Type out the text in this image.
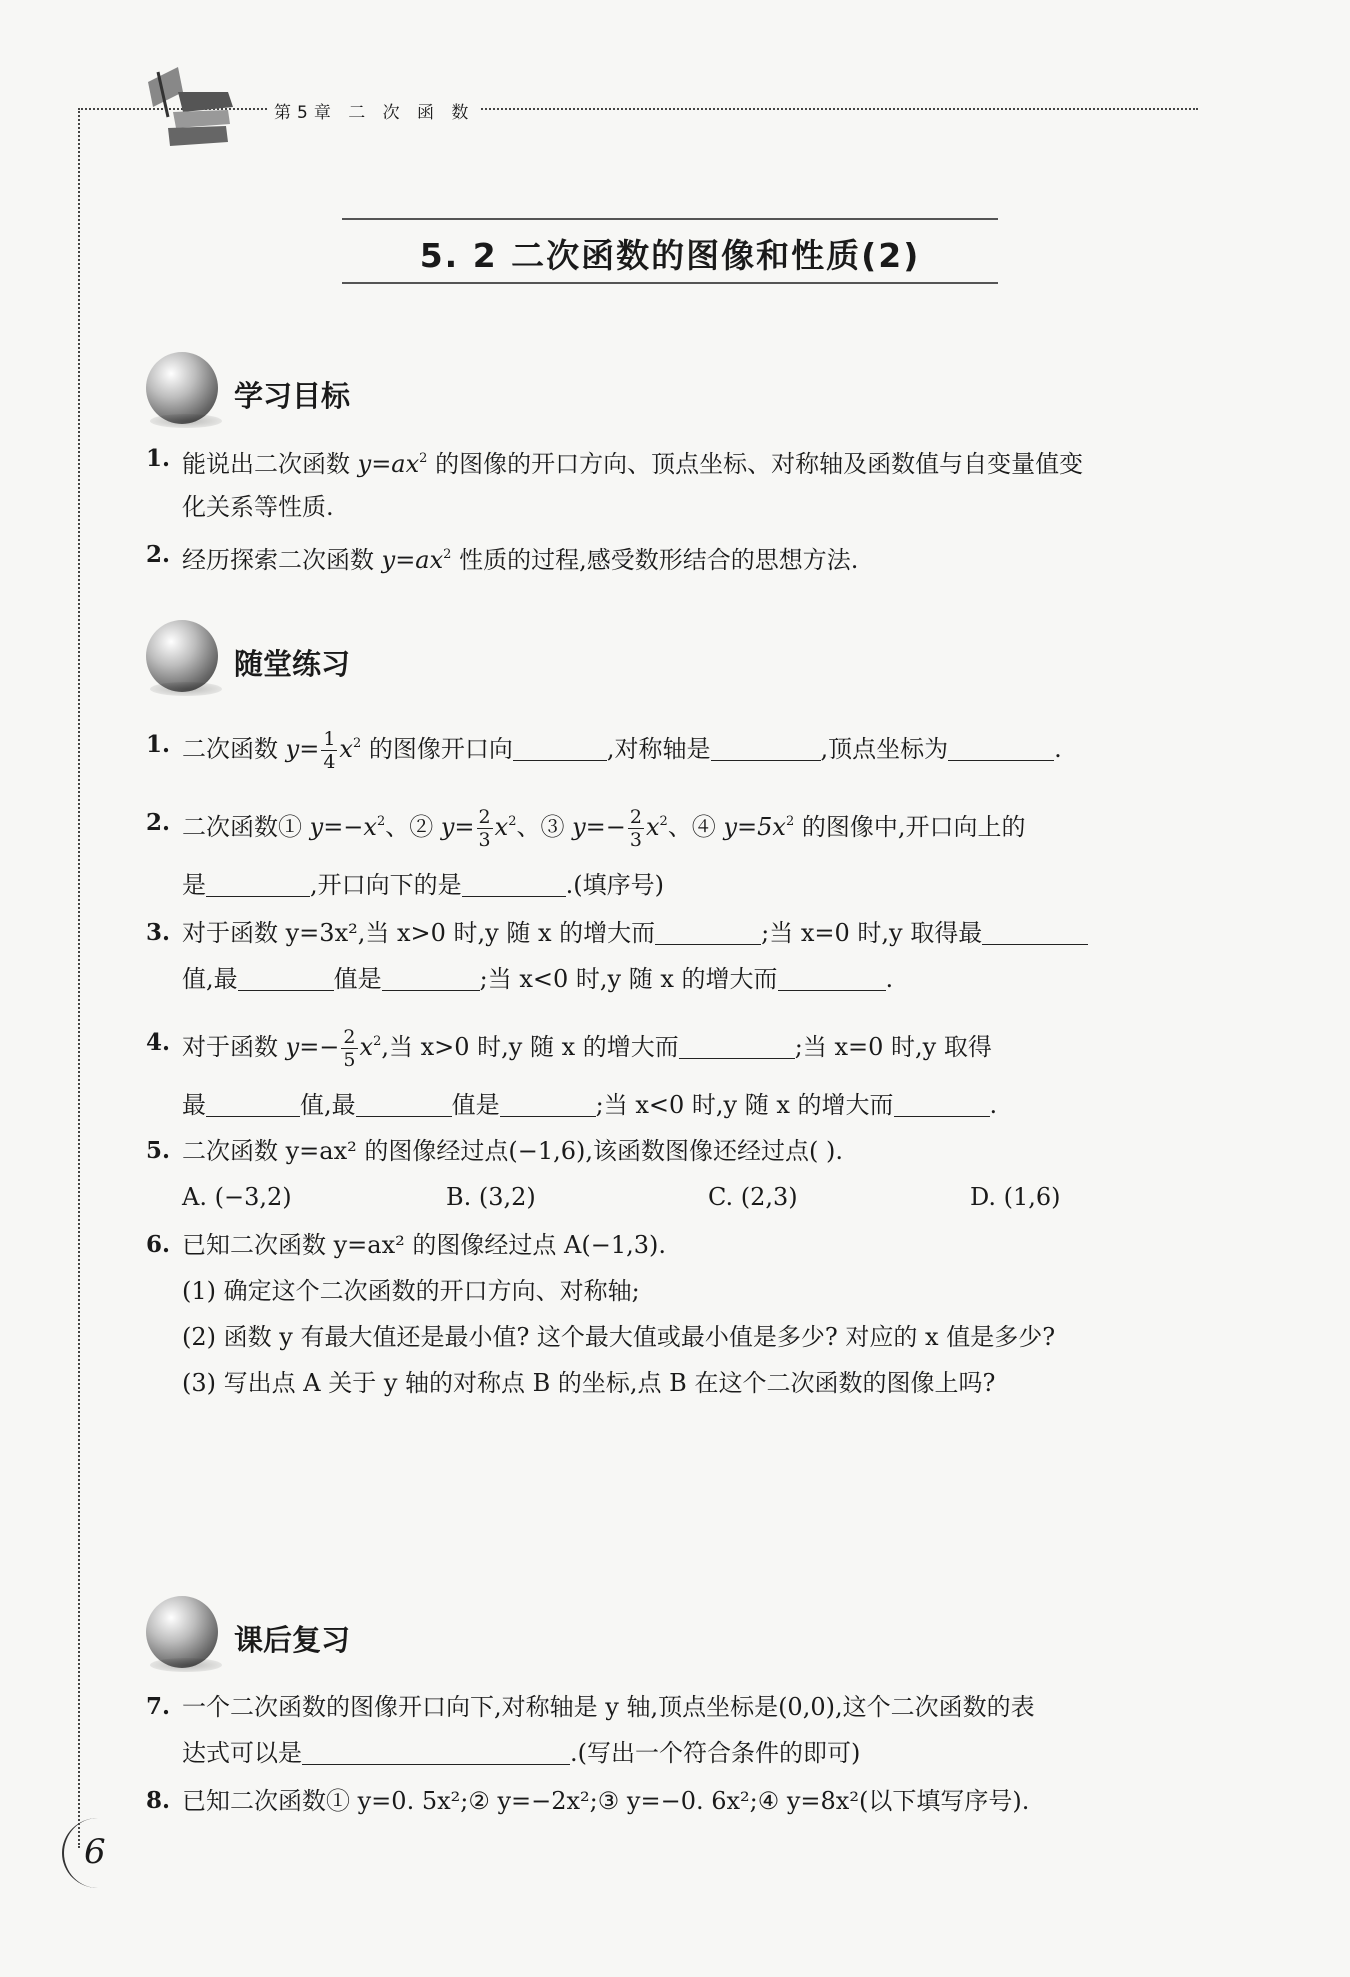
第5章 二 次 函 数
5. 2 二次函数的图像和性质(2)
学习目标
1. 能说出二次函数 $y=ax^2$ 的图像的开口方向、顶点坐标、对称轴及函数值与自变量值变
化关系等性质.
2. 经历探索二次函数 $y=ax^2$ 性质的过程,感受数形结合的思想方法.
随堂练习
1. 二次函数 $y= \frac{1}{4} x^2$ 的图像开口向	,对称轴是	,顶点坐标为	.
2. 二次函数① $y=-x^2$、② $y= \frac{2}{3} x^2$、③ $y=- \frac{2}{3} x^2$、④ $y=5x^2$ 的图像中,开口向上的
是	,开口向下的是	.(填序号)
3. 对于函数 y=3x²,当 x>0 时,y 随 x 的增大而	;当 x=0 时,y 取得最
值,最	值是	;当 x<0 时,y 随 x 的增大而	.
4. 对于函数 $y=- \frac{2}{5} x^2$,当 x>0 时,y 随 x 的增大而	;当 x=0 时,y 取得
最	值,最	值是	;当 x<0 时,y 随 x 的增大而	.
5. 二次函数 y=ax² 的图像经过点(−1,6),该函数图像还经过点( ).
A. (−3,2)	B. (3,2)	C. (2,3)	D. (1,6)
6. 已知二次函数 y=ax² 的图像经过点 A(−1,3).
(1) 确定这个二次函数的开口方向、对称轴;
(2) 函数 y 有最大值还是最小值? 这个最大值或最小值是多少? 对应的 x 值是多少?
(3) 写出点 A 关于 y 轴的对称点 B 的坐标,点 B 在这个二次函数的图像上吗?
课后复习
7. 一个二次函数的图像开口向下,对称轴是 y 轴,顶点坐标是(0,0),这个二次函数的表
达式可以是	.(写出一个符合条件的即可)
8. 已知二次函数① y=0. 5x²;② y=−2x²;③ y=−0. 6x²;④ y=8x²(以下填写序号).
6
